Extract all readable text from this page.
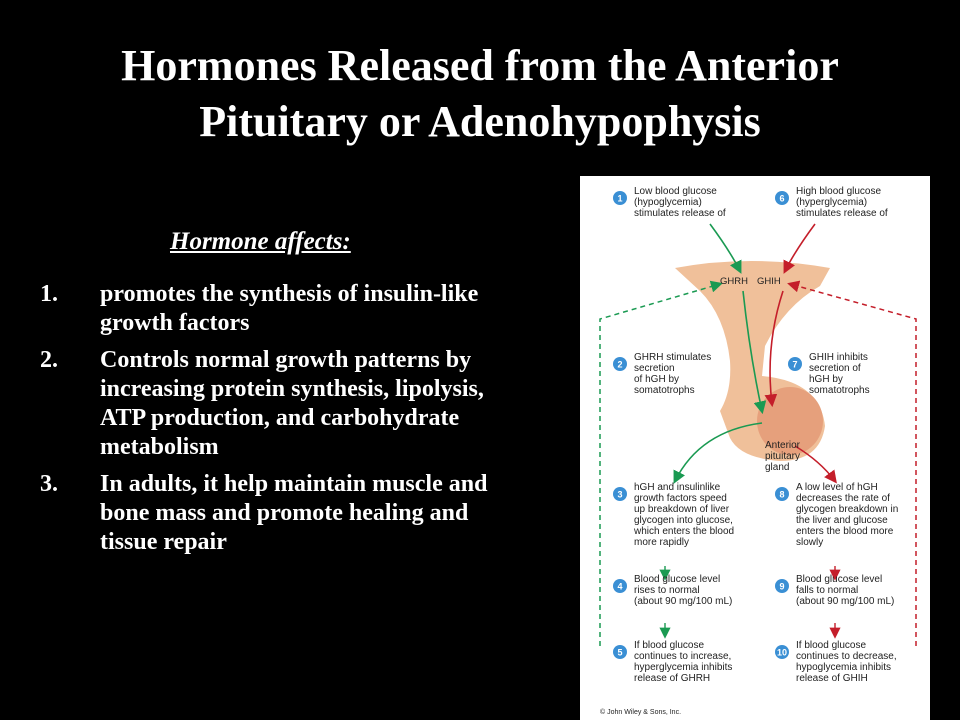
Hormones Released from the Anterior
Pituitary or Adenohypophysis
Hormone affects:
1. promotes the synthesis of insulin-like growth factors
2. Controls normal growth patterns by increasing protein synthesis, lipolysis, ATP production, and carbohydrate metabolism
3. In adults, it help maintain muscle and bone mass and promote healing and tissue repair
1
Low blood glucose
(hypoglycemia)
stimulates release of
6
High blood glucose
(hyperglycemia)
stimulates release of
2
GHRH stimulates
secretion
of hGH by
somatotrophs
7
GHIH inhibits
secretion of
hGH by
somatotrophs
3
hGH and insulinlike
growth factors speed
up breakdown of liver
glycogen into glucose,
which enters the blood
more rapidly
8
A low level of hGH
decreases the rate of
glycogen breakdown in
the liver and glucose
enters the blood more
slowly
4
Blood glucose level
rises to normal
(about 90 mg/100 mL)
9
Blood glucose level
falls to normal
(about 90 mg/100 mL)
5
If blood glucose
continues to increase,
hyperglycemia inhibits
release of GHRH
10
If blood glucose
continues to decrease,
hypoglycemia inhibits
release of GHIH
GHRH GHIH
Anterior
pituitary
gland
© John Wiley & Sons, Inc.
